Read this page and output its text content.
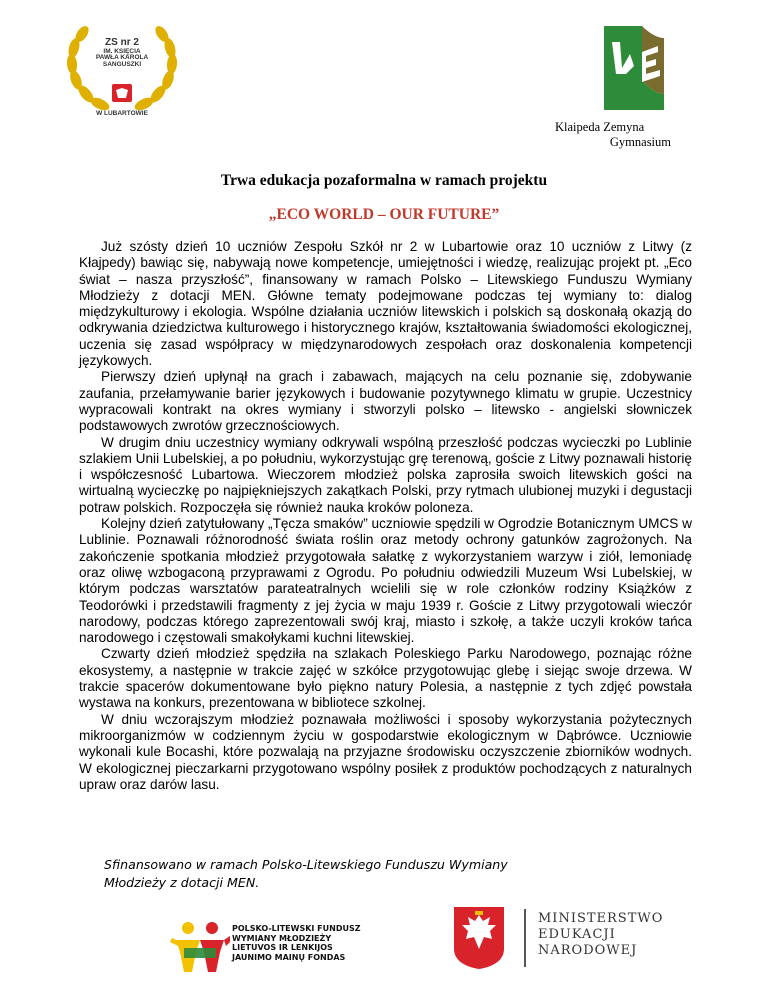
ZS nr 2
IM. KSIĘCIA
PAWŁA KAROLA
SANGUSZKI
W LUBARTOWIE
Klaipeda Zemyna
Gymnasium
Trwa edukacja pozaformalna w ramach projektu
„ECO WORLD – OUR FUTURE”

Już szósty dzień 10 uczniów Zespołu Szkół nr 2 w Lubartowie oraz 10 uczniów z Litwy (z Kłajpedy) bawiąc się, nabywają nowe kompetencje, umiejętności i wiedzę, realizując projekt pt. „Eco świat – nasza przyszłość”, finansowany w ramach Polsko – Litewskiego Funduszu Wymiany Młodzieży z dotacji MEN. Główne tematy podejmowane podczas tej wymiany to: dialog międzykulturowy i ekologia. Wspólne działania uczniów litewskich i polskich są doskonałą okazją do odkrywania dziedzictwa kulturowego i historycznego krajów, kształtowania świadomości ekologicznej, uczenia się zasad współpracy w międzynarodowych zespołach oraz doskonalenia kompetencji językowych.

Pierwszy dzień upłynął na grach i zabawach, mających na celu poznanie się, zdobywanie zaufania, przełamywanie barier językowych i budowanie pozytywnego klimatu w grupie. Uczestnicy wypracowali kontrakt na okres wymiany i stworzyli polsko – litewsko - angielski słowniczek podstawowych zwrotów grzecznościowych.

W drugim dniu uczestnicy wymiany odkrywali wspólną przeszłość podczas wycieczki po Lublinie szlakiem Unii Lubelskiej, a po południu, wykorzystując grę terenową, goście z Litwy poznawali historię i współczesność Lubartowa. Wieczorem młodzież polska zaprosiła swoich litewskich gości na wirtualną wycieczkę po najpiękniejszych zakątkach Polski, przy rytmach ulubionej muzyki i degustacji potraw polskich. Rozpoczęła się również nauka kroków poloneza.

Kolejny dzień zatytułowany „Tęcza smaków” uczniowie spędzili w Ogrodzie Botanicznym UMCS w Lublinie. Poznawali różnorodność świata roślin oraz metody ochrony gatunków zagrożonych. Na zakończenie spotkania młodzież przygotowała sałatkę z wykorzystaniem warzyw i ziół, lemoniadę oraz oliwę wzbogaconą przyprawami z Ogrodu. Po południu odwiedzili Muzeum Wsi Lubelskiej, w którym podczas warsztatów parateatralnych wcielili się w role członków rodziny Książków z Teodorówki i przedstawili fragmenty z jej życia w maju 1939 r. Goście z Litwy przygotowali wieczór narodowy, podczas którego zaprezentowali swój kraj, miasto i szkołę, a także uczyli kroków tańca narodowego i częstowali smakołykami kuchni litewskiej.

Czwarty dzień młodzież spędziła na szlakach Poleskiego Parku Narodowego, poznając różne ekosystemy, a następnie w trakcie zajęć w szkółce przygotowując glebę i siejąc swoje drzewa. W trakcie spacerów dokumentowane było piękno natury Polesia, a następnie z tych zdjęć powstała wystawa na konkurs, prezentowana w bibliotece szkolnej.

W dniu wczorajszym młodzież poznawała możliwości i sposoby wykorzystania pożytecznych mikroorganizmów w codziennym życiu w gospodarstwie ekologicznym w Dąbrówce. Uczniowie wykonali kule Bocashi, które pozwalają na przyjazne środowisku oczyszczenie zbiorników wodnych. W ekologicznej pieczarkarni przygotowano wspólny posiłek z produktów pochodzących z naturalnych upraw oraz darów lasu.

Sfinansowano w ramach Polsko-Litewskiego Funduszu Wymiany
Młodzieży z dotacji MEN.
POLSKO-LITEWSKI FUNDUSZ
WYMIANY MŁODZIEŻY
LIETUVOS IR LENKIJOS
JAUNIMO MAINŲ FONDAS
MINISTERSTWO
EDUKACJI
NARODOWEJ
